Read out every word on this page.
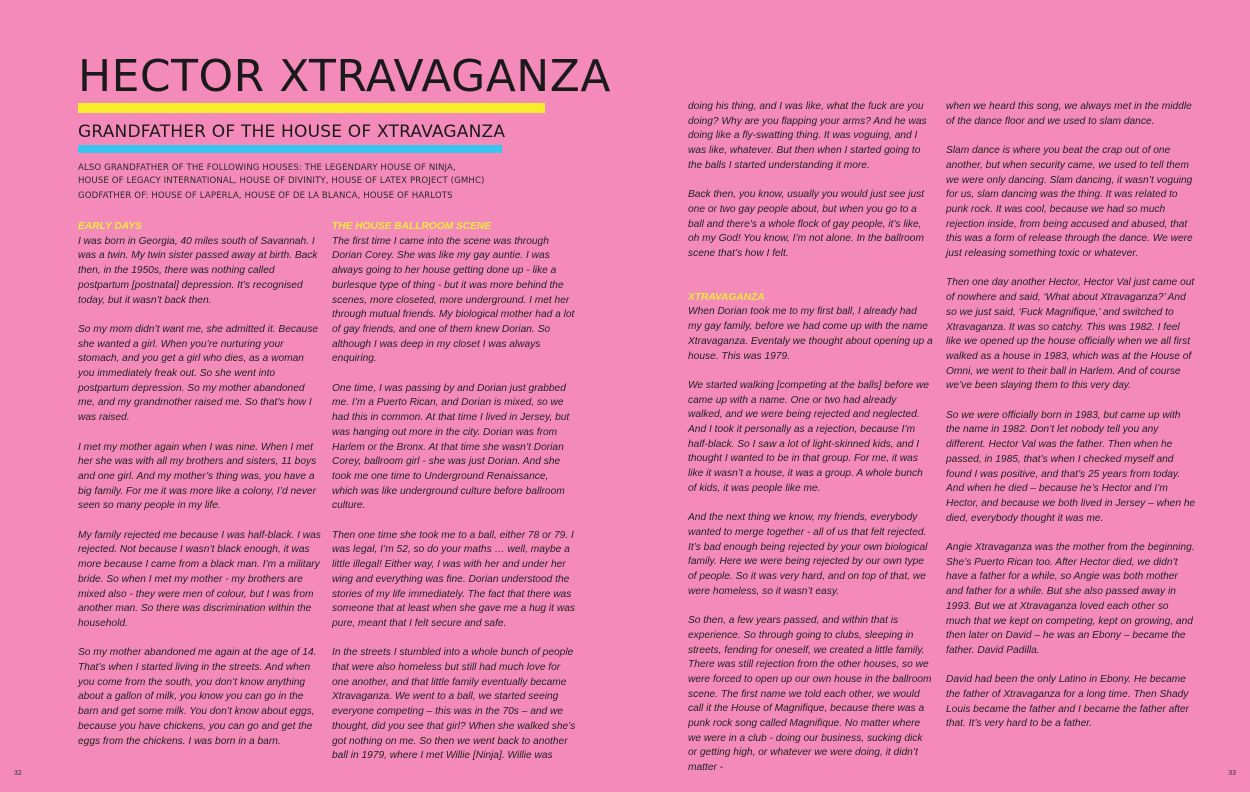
HECTOR XTRAVAGANZA
GRANDFATHER OF THE HOUSE OF XTRAVAGANZA

ALSO GRANDFATHER OF THE FOLLOWING HOUSES: THE LEGENDARY HOUSE OF NINJA,

HOUSE OF LEGACY INTERNATIONAL, HOUSE OF DIVINITY, HOUSE OF LATEX PROJECT (GMHC)

GODFATHER OF: HOUSE OF LAPERLA, HOUSE OF DE LA BLANCA, HOUSE OF HARLOTS

EARLY DAYS

I was born in Georgia, 40 miles south of Savannah. I was a twin. My twin sister passed away at birth. Back then, in the 1950s, there was nothing called postpartum [postnatal] depression. It’s recognised today, but it wasn’t back then.

So my mom didn’t want me, she admitted it. Because she wanted a girl. When you’re nurturing your stomach, and you get a girl who dies, as a woman you immediately freak out. So she went into postpartum depression. So my mother abandoned me, and my grandmother raised me. So that’s how I was raised.

I met my mother again when I was nine. When I met her she was with all my brothers and sisters, 11 boys and one girl. And my mother’s thing was, you have a big family. For me it was more like a colony, I’d never seen so many people in my life.

My family rejected me because I was half-black. I was rejected. Not because I wasn’t black enough, it was more because I came from a black man. I’m a military bride. So when I met my mother - my brothers are mixed also - they were men of colour, but I was from another man. So there was discrimination within the household.

So my mother abandoned me again at the age of 14. That’s when I started living in the streets. And when you come from the south, you don’t know anything about a gallon of milk, you know you can go in the barn and get some milk. You don’t know about eggs, because you have chickens, you can go and get the eggs from the chickens. I was born in a barn.

THE HOUSE BALLROOM SCENE

The first time I came into the scene was through Dorian Corey. She was like my gay auntie. I was always going to her house getting done up - like a burlesque type of thing - but it was more behind the scenes, more closeted, more underground. I met her through mutual friends. My biological mother had a lot of gay friends, and one of them knew Dorian. So although I was deep in my closet I was always enquiring.

One time, I was passing by and Dorian just grabbed me. I’m a Puerto Rican, and Dorian is mixed, so we had this in common. At that time I lived in Jersey, but was hanging out more in the city. Dorian was from Harlem or the Bronx. At that time she wasn’t Dorian Corey, ballroom girl - she was just Dorian. And she took me one time to Underground Renaissance, which was like underground culture before ballroom culture.

Then one time she took me to a ball, either 78 or 79. I was legal, I’m 52, so do your maths … well, maybe a little illegal! Either way, I was with her and under her wing and everything was fine. Dorian understood the stories of my life immediately. The fact that there was someone that at least when she gave me a hug it was pure, meant that I felt secure and safe.

In the streets I stumbled into a whole bunch of people that were also homeless but still had much love for one another, and that little family eventually became Xtravaganza. We went to a ball, we started seeing everyone competing – this was in the 70s – and we thought, did you see that girl? When she walked she’s got nothing on me. So then we went back to another ball in 1979, where I met Willie [Ninja]. Willie was

doing his thing, and I was like, what the fuck are you doing? Why are you flapping your arms? And he was doing like a fly-swatting thing. It was voguing, and I was like, whatever. But then when I started going to the balls I started understanding it more.

Back then, you know, usually you would just see just one or two gay people about, but when you go to a ball and there’s a whole flock of gay people, it’s like, oh my God! You know, I’m not alone. In the ballroom scene that’s how I felt.

XTRAVAGANZA

When Dorian took me to my first ball, I already had my gay family, before we had come up with the name Xtravaganza. Eventaly we thought about opening up a house. This was 1979.

We started walking [competing at the balls] before we came up with a name. One or two had already walked, and we were being rejected and neglected. And I took it personally as a rejection, because I’m half-black. So I saw a lot of light-skinned kids, and I thought I wanted to be in that group. For me, it was like it wasn’t a house, it was a group. A whole bunch of kids, it was people like me.

And the next thing we know, my friends, everybody wanted to merge together - all of us that felt rejected. It’s bad enough being rejected by your own biological family. Here we were being rejected by our own type of people. So it was very hard, and on top of that, we were homeless, so it wasn’t easy.

So then, a few years passed, and within that is experience. So through going to clubs, sleeping in streets, fending for oneself, we created a little family. There was still rejection from the other houses, so we were forced to open up our own house in the ballroom scene. The first name we told each other, we would call it the House of Magnifique, because there was a punk rock song called Magnifique. No matter where we were in a club - doing our business, sucking dick or getting high, or whatever we were doing, it didn’t matter -

when we heard this song, we always met in the middle of the dance floor and we used to slam dance.

Slam dance is where you beat the crap out of one another, but when security came, we used to tell them we were only dancing. Slam dancing, it wasn’t voguing for us, slam dancing was the thing. It was related to punk rock. It was cool, because we had so much rejection inside, from being accused and abused, that this was a form of release through the dance. We were just releasing something toxic or whatever.

Then one day another Hector, Hector Val just came out of nowhere and said, ‘What about Xtravaganza?’ And so we just said, ‘Fuck Magnifique,’ and switched to Xtravaganza. It was so catchy. This was 1982. I feel like we opened up the house officially when we all first walked as a house in 1983, which was at the House of Omni, we went to their ball in Harlem. And of course we’ve been slaying them to this very day.

So we were officially born in 1983, but came up with the name in 1982. Don’t let nobody tell you any different. Hector Val was the father. Then when he passed, in 1985, that’s when I checked myself and found I was positive, and that’s 25 years from today. And when he died – because he’s Hector and I’m Hector, and because we both lived in Jersey – when he died, everybody thought it was me.

Angie Xtravaganza was the mother from the beginning. She’s Puerto Rican too. After Hector died, we didn’t have a father for a while, so Angie was both mother and father for a while. But she also passed away in 1993. But we at Xtravaganza loved each other so much that we kept on competing, kept on growing, and then later on David – he was an Ebony – became the father. David Padilla.

David had been the only Latino in Ebony. He became the father of Xtravaganza for a long time. Then Shady Louis became the father and I became the father after that. It’s very hard to be a father.

32	33
